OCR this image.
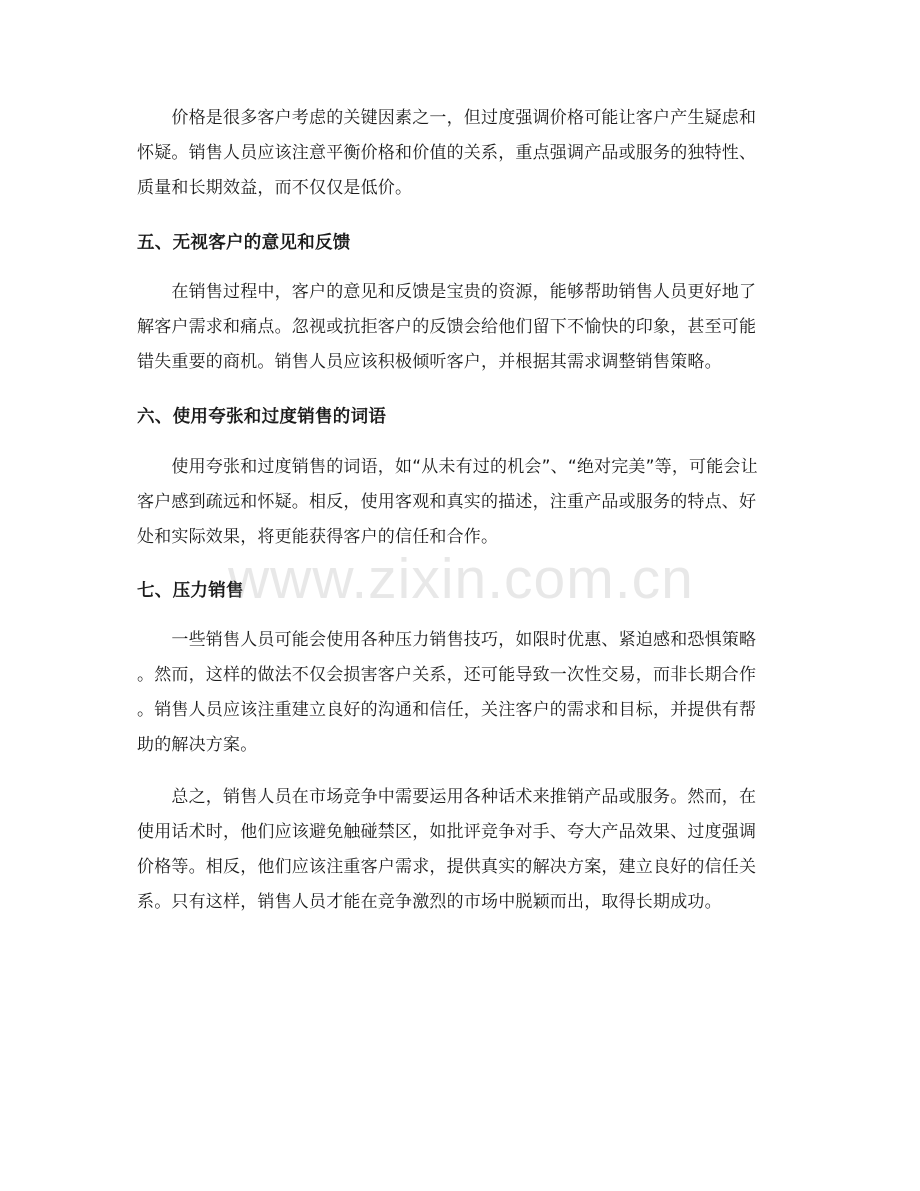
　　价格是很多客户考虑的关键因素之一，但过度强调价格可能让客户产生疑虑和

怀疑。销售人员应该注意平衡价格和价值的关系，重点强调产品或服务的独特性、

质量和长期效益，而不仅仅是低价。

五、无视客户的意见和反馈

　　在销售过程中，客户的意见和反馈是宝贵的资源，能够帮助销售人员更好地了

解客户需求和痛点。忽视或抗拒客户的反馈会给他们留下不愉快的印象，甚至可能

错失重要的商机。销售人员应该积极倾听客户，并根据其需求调整销售策略。

六、使用夸张和过度销售的词语

　　使用夸张和过度销售的词语，如“从未有过的机会”、“绝对完美”等，可能会让

客户感到疏远和怀疑。相反，使用客观和真实的描述，注重产品或服务的特点、好

处和实际效果，将更能获得客户的信任和合作。

七、压力销售

　　一些销售人员可能会使用各种压力销售技巧，如限时优惠、紧迫感和恐惧策略

。然而，这样的做法不仅会损害客户关系，还可能导致一次性交易，而非长期合作

。销售人员应该注重建立良好的沟通和信任，关注客户的需求和目标，并提供有帮

助的解决方案。

　　总之，销售人员在市场竞争中需要运用各种话术来推销产品或服务。然而，在

使用话术时，他们应该避免触碰禁区，如批评竞争对手、夸大产品效果、过度强调

价格等。相反，他们应该注重客户需求，提供真实的解决方案，建立良好的信任关

系。只有这样，销售人员才能在竞争激烈的市场中脱颖而出，取得长期成功。

www.zixin.com.cn
